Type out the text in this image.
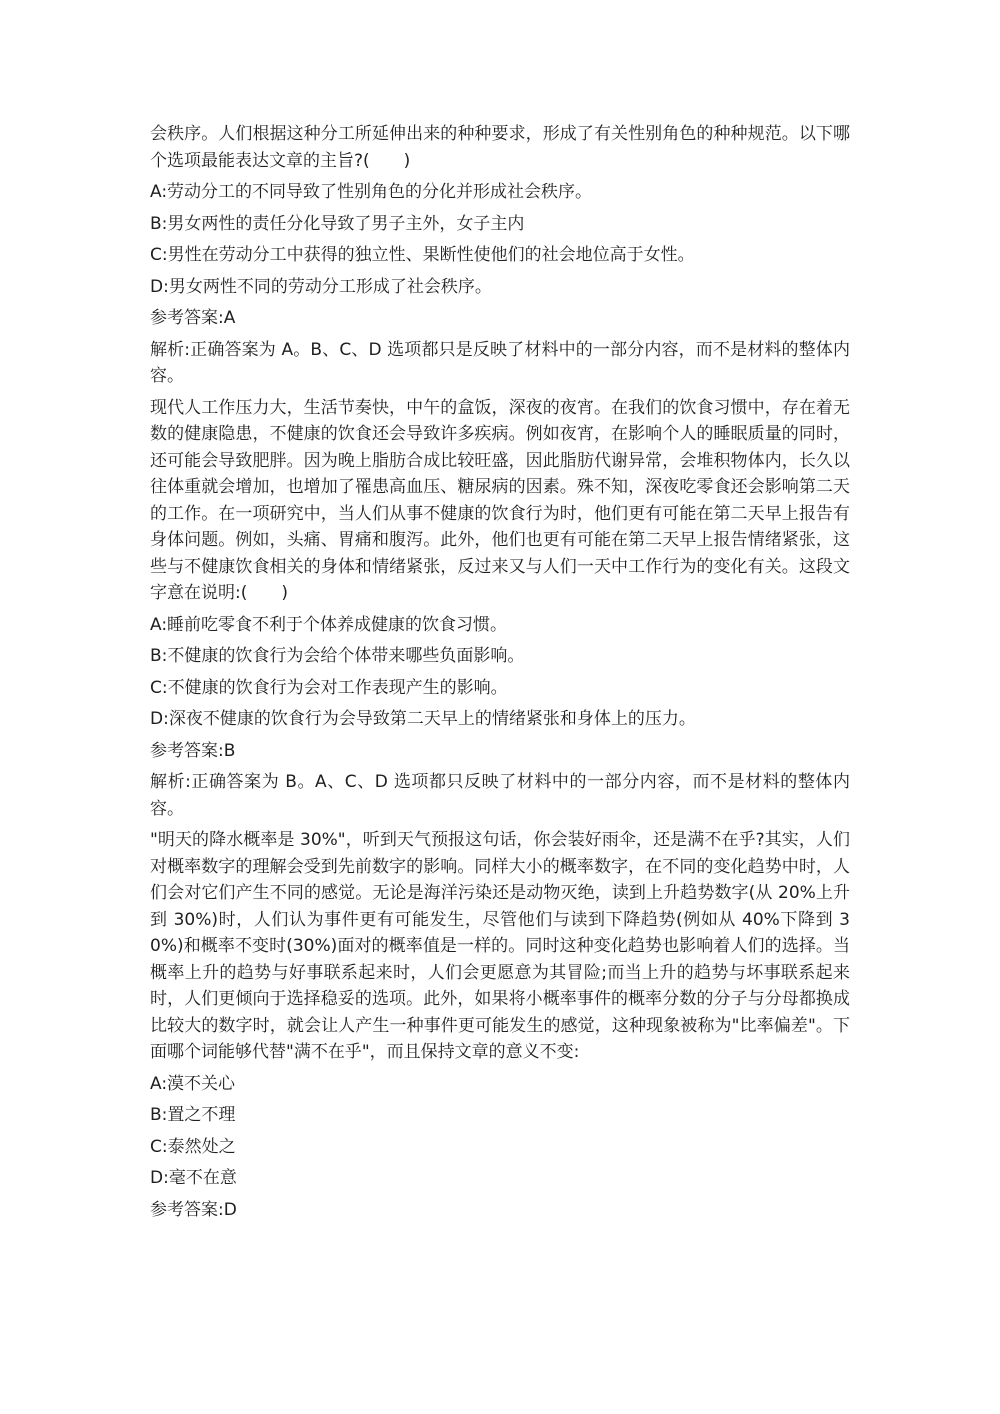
会秩序。人们根据这种分工所延伸出来的种种要求，形成了有关性别角色的种种规范。以下哪个选项最能表达文章的主旨?(　　)

A:劳动分工的不同导致了性别角色的分化并形成社会秩序。

B:男女两性的责任分化导致了男子主外，女子主内

C:男性在劳动分工中获得的独立性、果断性使他们的社会地位高于女性。

D:男女两性不同的劳动分工形成了社会秩序。

参考答案:A

解析:正确答案为 A。B、C、D 选项都只是反映了材料中的一部分内容，而不是材料的整体内容。

现代人工作压力大，生活节奏快，中午的盒饭，深夜的夜宵。在我们的饮食习惯中，存在着无数的健康隐患，不健康的饮食还会导致许多疾病。例如夜宵，在影响个人的睡眠质量的同时，还可能会导致肥胖。因为晚上脂肪合成比较旺盛，因此脂肪代谢异常，会堆积物体内，长久以往体重就会增加，也增加了罹患高血压、糖尿病的因素。殊不知，深夜吃零食还会影响第二天的工作。在一项研究中，当人们从事不健康的饮食行为时，他们更有可能在第二天早上报告有身体问题。例如，头痛、胃痛和腹泻。此外，他们也更有可能在第二天早上报告情绪紧张，这些与不健康饮食相关的身体和情绪紧张，反过来又与人们一天中工作行为的变化有关。这段文字意在说明:(　　)

A:睡前吃零食不利于个体养成健康的饮食习惯。

B:不健康的饮食行为会给个体带来哪些负面影响。

C:不健康的饮食行为会对工作表现产生的影响。

D:深夜不健康的饮食行为会导致第二天早上的情绪紧张和身体上的压力。

参考答案:B

解析:正确答案为 B。A、C、D 选项都只反映了材料中的一部分内容，而不是材料的整体内容。

"明天的降水概率是 30%"，听到天气预报这句话，你会装好雨伞，还是满不在乎?其实，人们对概率数字的理解会受到先前数字的影响。同样大小的概率数字，在不同的变化趋势中时，人们会对它们产生不同的感觉。无论是海洋污染还是动物灭绝，读到上升趋势数字(从 20%上升到 30%)时，人们认为事件更有可能发生，尽管他们与读到下降趋势(例如从 40%下降到 30%)和概率不变时(30%)面对的概率值是一样的。同时这种变化趋势也影响着人们的选择。当概率上升的趋势与好事联系起来时，人们会更愿意为其冒险;而当上升的趋势与坏事联系起来时，人们更倾向于选择稳妥的选项。此外，如果将小概率事件的概率分数的分子与分母都换成比较大的数字时，就会让人产生一种事件更可能发生的感觉，这种现象被称为"比率偏差"。下面哪个词能够代替"满不在乎"，而且保持文章的意义不变:

A:漠不关心

B:置之不理

C:泰然处之

D:毫不在意

参考答案:D
